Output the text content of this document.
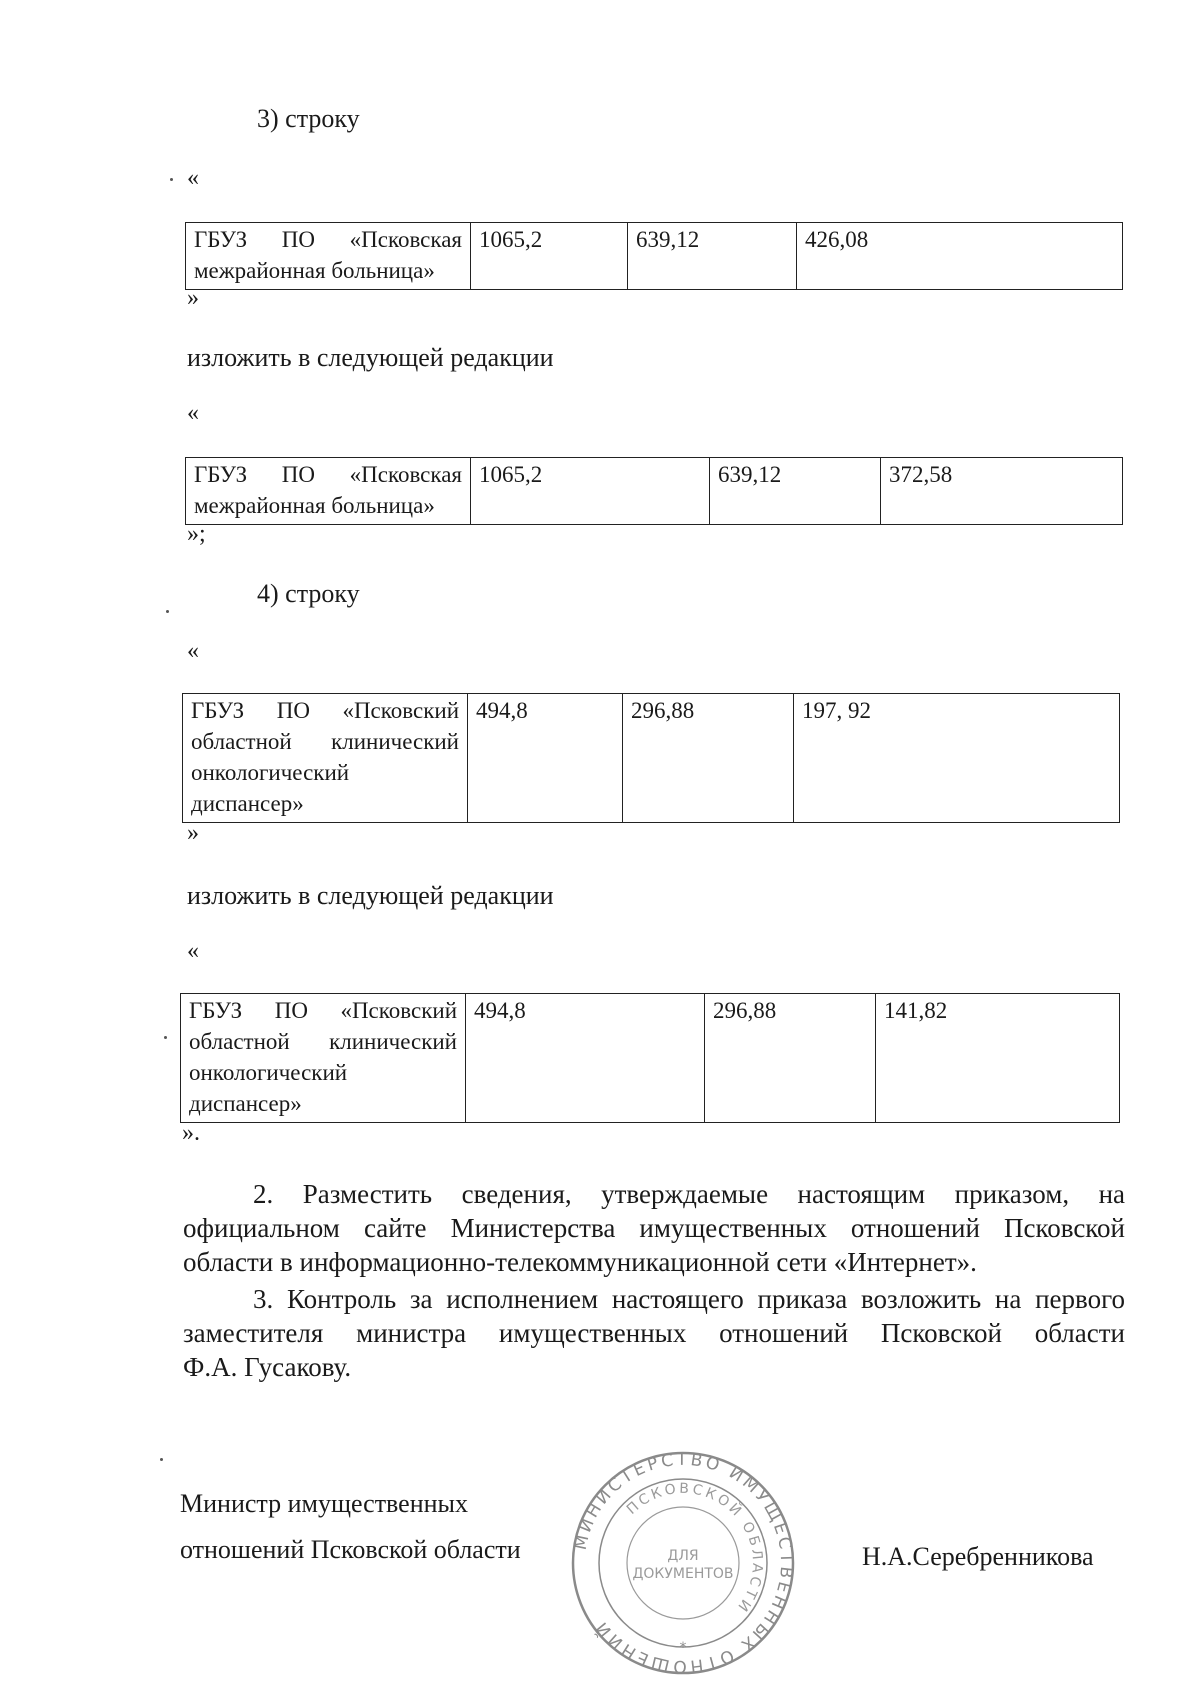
3) строку
«
ГБУЗ ПО «Псковская
межрайонная больница»
	1065,2	639,12	426,08
»
изложить в следующей редакции
«
ГБУЗ ПО «Псковская
межрайонная больница»
	1065,2	639,12	372,58
»;
4) строку
«
ГБУЗ ПО «Псковский
областной клинический
онкологический
диспансер»
	494,8	296,88	197, 92
»
изложить в следующей редакции
«
ГБУЗ ПО «Псковский
областной клинический
онкологический
диспансер»
	494,8	296,88	141,82
».
2. Разместить сведения, утверждаемые настоящим приказом, на
официальном сайте Министерства имущественных отношений Псковской
области в информационно-телекоммуникационной сети «Интернет».
3. Контроль за исполнением настоящего приказа возложить на первого
заместителя министра имущественных отношений Псковской области
Ф.А. Гусакову.
Министр имущественных
отношений Псковской области	Н.А.Серебренникова
МИНИСТЕРСТВО ИМУЩЕСТВЕННЫХ ОТНОШЕНИЙ
ПСКОВСКОЙ ОБЛАСТИ
ДЛЯ
ДОКУМЕНТОВ
*
